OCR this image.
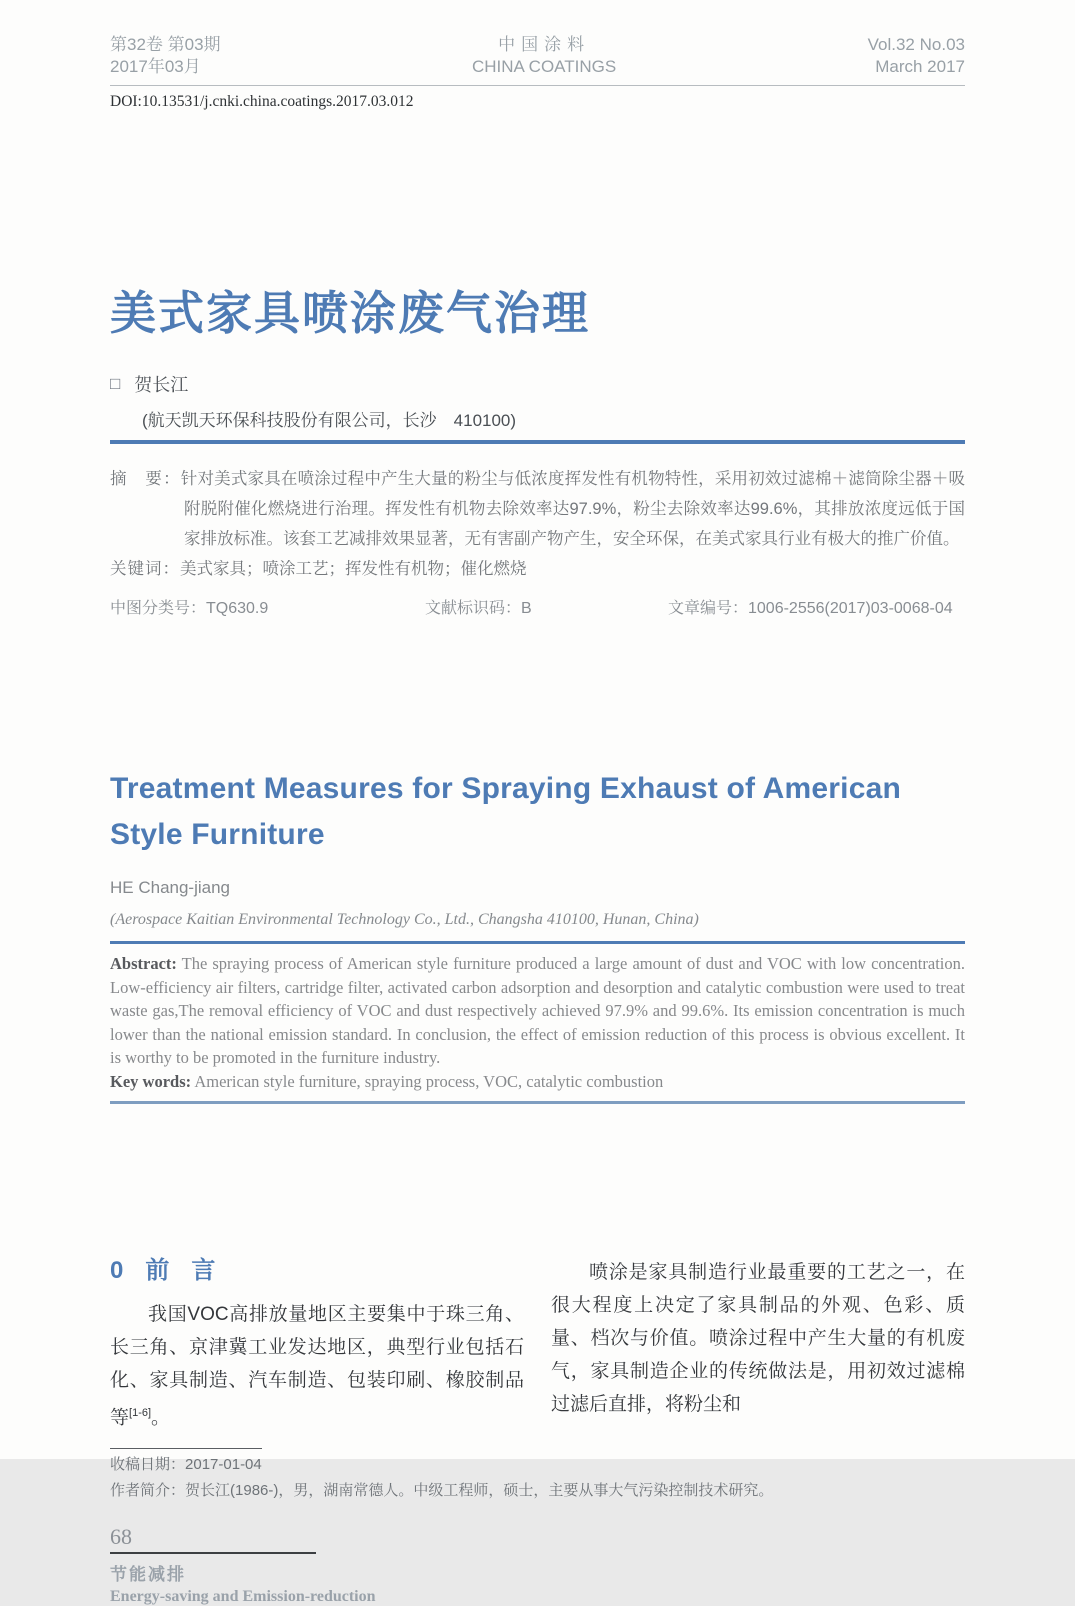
第32卷 第03期
2017年03月
中国涂料
CHINA COATINGS
Vol.32 No.03
March 2017
DOI:10.13531/j.cnki.china.coatings.2017.03.012
美式家具喷涂废气治理
□ 贺长江
(航天凯天环保科技股份有限公司，长沙　410100)

摘　要：针对美式家具在喷涂过程中产生大量的粉尘与低浓度挥发性有机物特性，采用初效过滤棉＋滤筒除尘器＋吸附脱附催化燃烧进行治理。挥发性有机物去除效率达97.9%，粉尘去除效率达99.6%，其排放浓度远低于国家排放标准。该套工艺减排效果显著，无有害副产物产生，安全环保，在美式家具行业有极大的推广价值。

关键词：美式家具；喷涂工艺；挥发性有机物；催化燃烧

中图分类号：TQ630.9	文献标识码：B	文章编号：1006-2556(2017)03-0068-04
Treatment Measures for Spraying Exhaust of American Style Furniture
HE Chang-jiang
(Aerospace Kaitian Environmental Technology Co., Ltd., Changsha 410100, Hunan, China)
Abstract: The spraying process of American style furniture produced a large amount of dust and VOC with low concentration. Low-efficiency air filters, cartridge filter, activated carbon adsorption and desorption and catalytic combustion were used to treat waste gas,The removal efficiency of VOC and dust respectively achieved 97.9% and 99.6%. Its emission concentration is much lower than the national emission standard. In conclusion, the effect of emission reduction of this process is obvious excellent. It is worthy to be promoted in the furniture industry.
Key words: American style furniture, spraying process, VOC, catalytic combustion
0 前言

我国VOC高排放量地区主要集中于珠三角、长三角、京津冀工业发达地区，典型行业包括石化、家具制造、汽车制造、包装印刷、橡胶制品等[1-6]。

喷涂是家具制造行业最重要的工艺之一，在很大程度上决定了家具制品的外观、色彩、质量、档次与价值。喷涂过程中产生大量的有机废气，家具制造企业的传统做法是，用初效过滤棉过滤后直排，将粉尘和

收稿日期：2017-01-04
作者简介：贺长江(1986-)，男，湖南常德人。中级工程师，硕士，主要从事大气污染控制技术研究。
68
节能减排
Energy-saving and Emission-reduction
